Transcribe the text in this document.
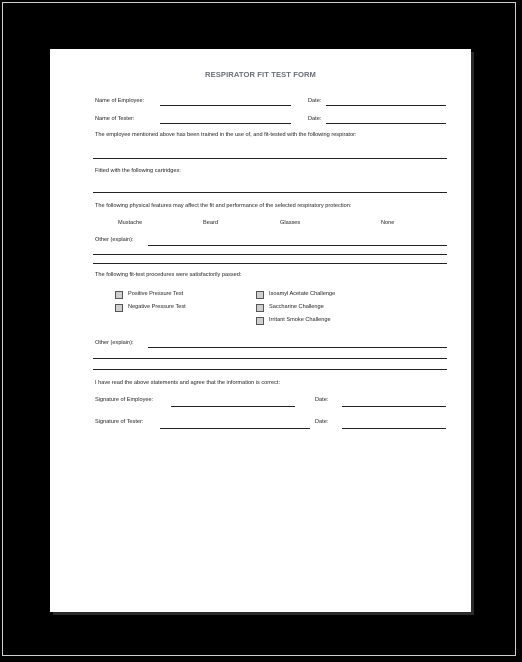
RESPIRATOR FIT TEST FORM
Name of Employee:	Date:
Name of Tester:	Date:
The employee mentioned above has been trained in the use of, and fit-tested with the following respirator:
Fitted with the following cartridges:
The following physical features may affect the fit and performance of the selected respiratory protection:
Mustache	Beard	Glasses	None
Other (explain):
The following fit-test procedures were satisfactorily passed:
Positive Pressure Test
Negative Pressure Test
Isoamyl Acetate Challenge
Saccharine Challenge
Irritant Smoke Challenge
Other (explain):
I have read the above statements and agree that the information is correct:
Signature of Employee:	Date:
Signature of Tester:	Date:
